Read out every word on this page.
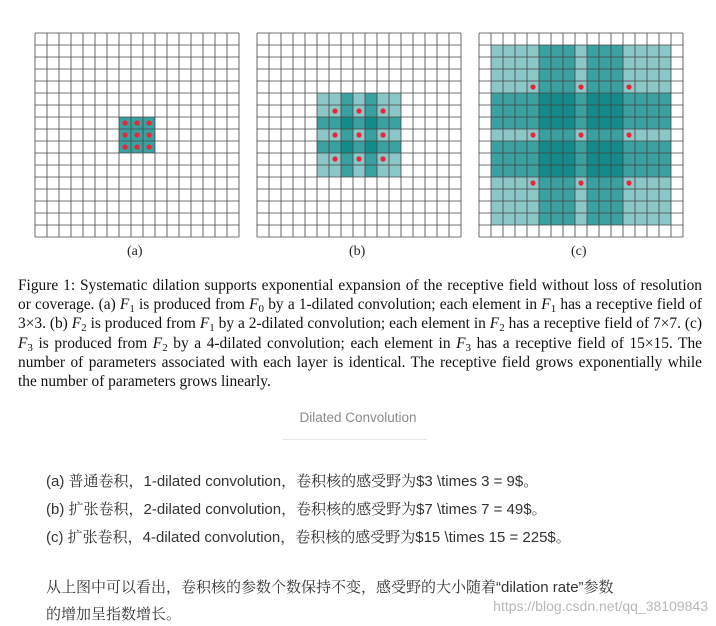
(a)	(b)	(c)
Figure 1: Systematic dilation supports exponential expansion of the receptive field without loss of resolution or coverage. (a) $F_1$ is produced from $F_0$ by a 1-dilated convolution; each element in $F_1$ has a receptive field of 3×3. (b) $F_2$ is produced from $F_1$ by a 2-dilated convolution; each element in $F_2$ has a receptive field of 7×7. (c) $F_3$ is produced from $F_2$ by a 4-dilated convolution; each element in $F_3$ has a receptive field of 15×15. The number of parameters associated with each layer is identical. The receptive field grows exponentially while the number of parameters grows linearly.
Dilated Convolution
(a) 普通卷积，1-dilated convolution，卷积核的感受野为$3 \times 3 = 9$。
(b) 扩张卷积，2-dilated convolution，卷积核的感受野为$7 \times 7 = 49$。
(c) 扩张卷积，4-dilated convolution，卷积核的感受野为$15 \times 15 = 225$。
从上图中可以看出，卷积核的参数个数保持不变，感受野的大小随着“dilation rate”参数
的增加呈指数增长。	https://blog.csdn.net/qq_38109843
